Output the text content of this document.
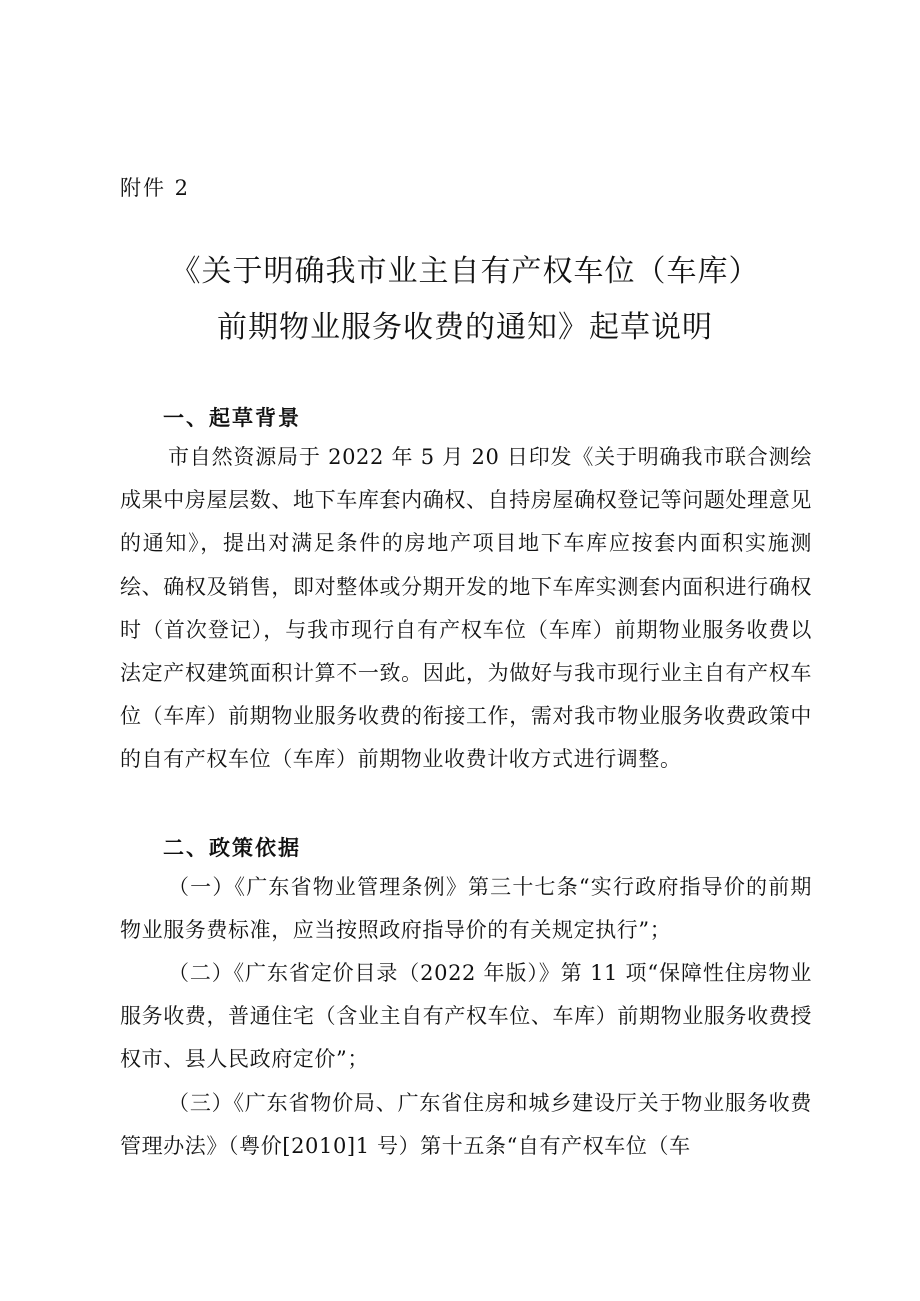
附件 2
《关于明确我市业主自有产权车位（车库）
前期物业服务收费的通知》起草说明
一、起草背景

市自然资源局于 2022 年 5 月 20 日印发《关于明确我市联合测绘成果中房屋层数、地下车库套内确权、自持房屋确权登记等问题处理意见的通知》，提出对满足条件的房地产项目地下车库应按套内面积实施测绘、确权及销售，即对整体或分期开发的地下车库实测套内面积进行确权时（首次登记），与我市现行自有产权车位（车库）前期物业服务收费以法定产权建筑面积计算不一致。因此，为做好与我市现行业主自有产权车位（车库）前期物业服务收费的衔接工作，需对我市物业服务收费政策中的自有产权车位（车库）前期物业收费计收方式进行调整。

二、政策依据

（一）《广东省物业管理条例》第三十七条“实行政府指导价的前期物业服务费标准，应当按照政府指导价的有关规定执行”；

（二）《广东省定价目录（2022 年版）》第 11 项“保障性住房物业服务收费，普通住宅（含业主自有产权车位、车库）前期物业服务收费授权市、县人民政府定价”；

（三）《广东省物价局、广东省住房和城乡建设厅关于物业服务收费管理办法》（粤价[2010]1 号）第十五条“自有产权车位（车
